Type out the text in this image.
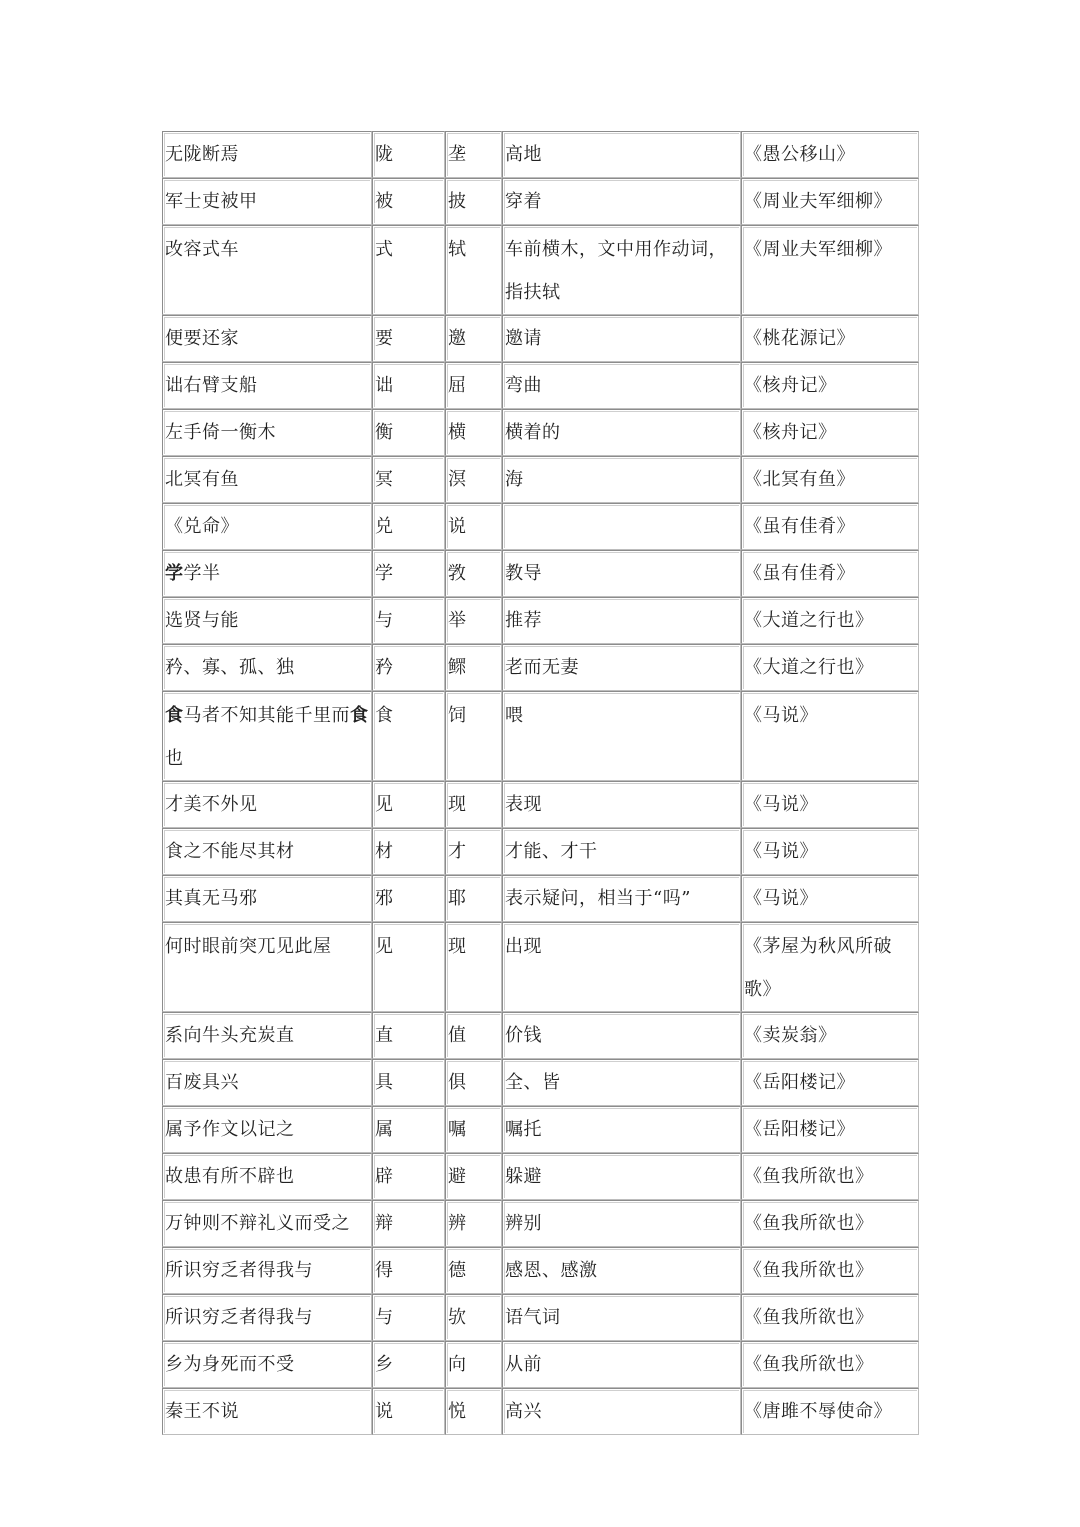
无陇断焉	陇	垄	高地	《愚公移山》

军士吏被甲	被	披	穿着	《周业夫军细柳》

改容式车	式	轼	车前横木，文中用作动词，指扶轼	《周业夫军细柳》

便要还家	要	邀	邀请	《桃花源记》

诎右臂支船	诎	屈	弯曲	《核舟记》

左手倚一衡木	衡	横	横着的	《核舟记》

北冥有鱼	冥	溟	海	《北冥有鱼》

《兑命》	兑	说		《虽有佳肴》

学学半	学	敩	教导	《虽有佳肴》

选贤与能	与	举	推荐	《大道之行也》

矜、寡、孤、独	矜	鳏	老而无妻	《大道之行也》

食马者不知其能千里而食也	食	饲	喂	《马说》

才美不外见	见	现	表现	《马说》

食之不能尽其材	材	才	才能、才干	《马说》

其真无马邪	邪	耶	表示疑问，相当于“吗”	《马说》

何时眼前突兀见此屋	见	现	出现	《茅屋为秋风所破歌》

系向牛头充炭直	直	值	价钱	《卖炭翁》

百废具兴	具	俱	全、皆	《岳阳楼记》

属予作文以记之	属	嘱	嘱托	《岳阳楼记》

故患有所不辟也	辟	避	躲避	《鱼我所欲也》

万钟则不辩礼义而受之	辩	辨	辨别	《鱼我所欲也》

所识穷乏者得我与	得	德	感恩、感激	《鱼我所欲也》

所识穷乏者得我与	与	欤	语气词	《鱼我所欲也》

乡为身死而不受	乡	向	从前	《鱼我所欲也》

秦王不说	说	悦	高兴	《唐雎不辱使命》
